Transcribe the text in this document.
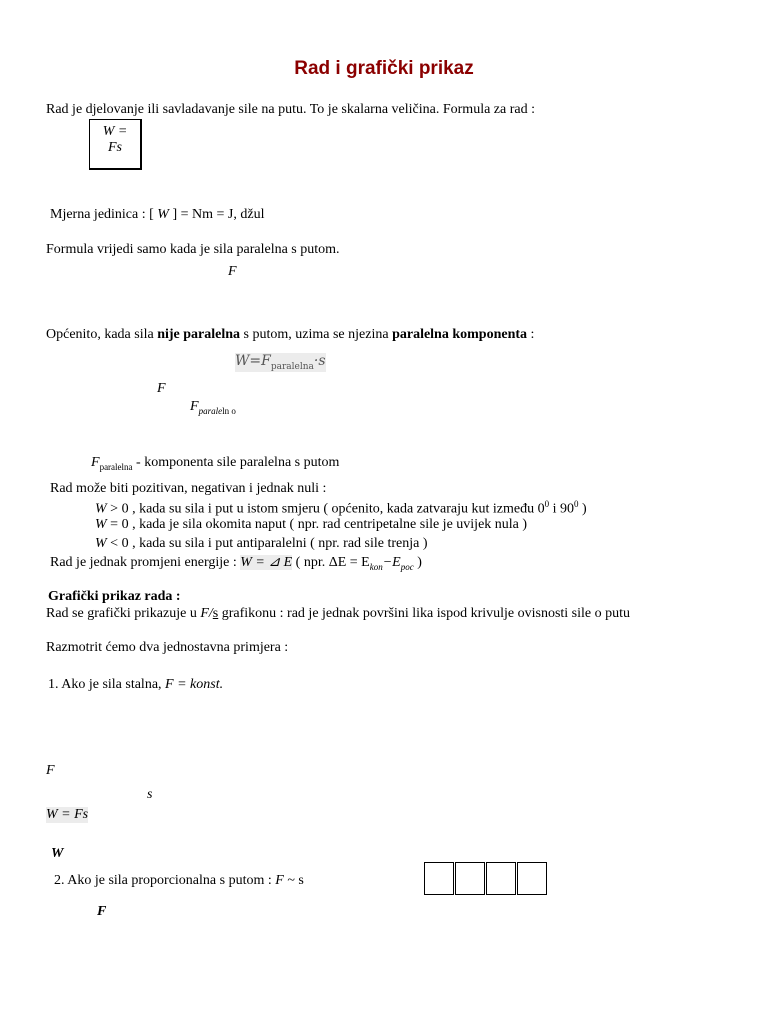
Rad i grafički prikaz
Rad je djelovanje ili savladavanje sile na putu. To je skalarna veličina. Formula za rad :
W =
Fs
Mjerna jedinica : [ W ] = Nm = J, džul
Formula vrijedi samo kada je sila paralelna s putom.
F
Općenito, kada sila nije paralelna s putom, uzima se njezina paralelna komponenta :
$W=F_{paralelna}\cdot s$
F
$F_{paraleln o}$
$F_{paralelna}$ - komponenta sile paralelna s putom
Rad može biti pozitivan, negativan i jednak nuli :
W > 0 , kada su sila i put u istom smjeru ( općenito, kada zatvaraju kut između $0^0$ i $90^0$ )
W = 0 , kada je sila okomita naput ( npr. rad centripetalne sile je uvijek nula )
W < 0 , kada su sila i put antiparalelni ( npr. rad sile trenja )
Rad je jednak promjeni energije : W = ⊿ E ( npr. $\Delta E = E_{kon}-E_{poc}$ )
Grafički prikaz rada :
Rad se grafički prikazuje u F/s grafikonu : rad je jednak površini lika ispod krivulje ovisnosti sile o putu
Razmotrit ćemo dva jednostavna primjera :
1. Ako je sila stalna, F = konst.
F
s
W = Fs
W
2. Ako je sila proporcionalna s putom : F ~ s
F
